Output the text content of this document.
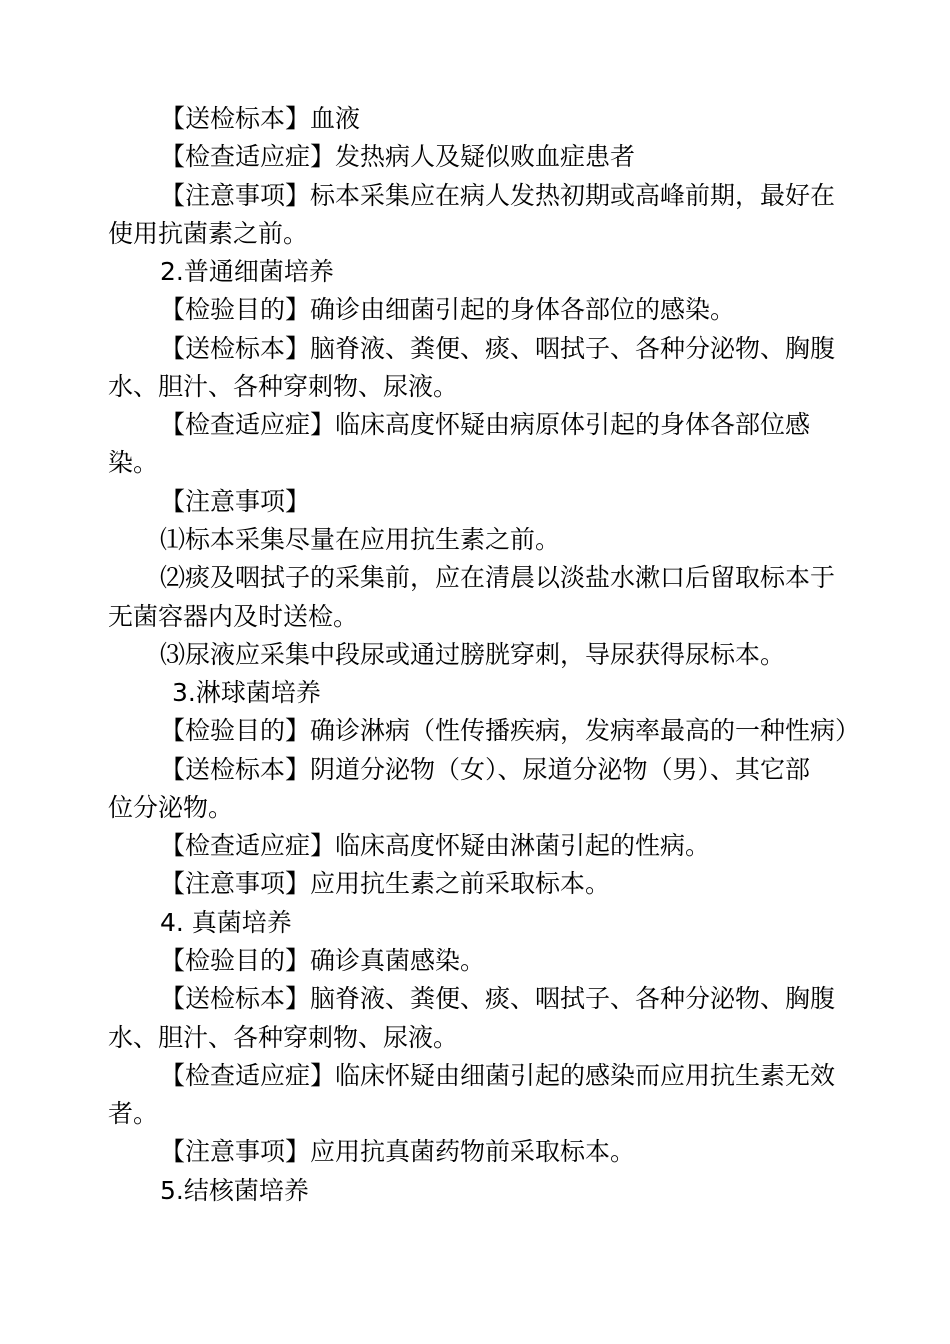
【送检标本】血液
【检查适应症】发热病人及疑似败血症患者
【注意事项】标本采集应在病人发热初期或高峰前期，最好在
使用抗菌素之前。
2.普通细菌培养
【检验目的】确诊由细菌引起的身体各部位的感染。
【送检标本】脑脊液、粪便、痰、咽拭子、各种分泌物、胸腹
水、胆汁、各种穿刺物、尿液。
【检查适应症】临床高度怀疑由病原体引起的身体各部位感
染。
【注意事项】
⑴标本采集尽量在应用抗生素之前。
⑵痰及咽拭子的采集前，应在清晨以淡盐水漱口后留取标本于
无菌容器内及时送检。
⑶尿液应采集中段尿或通过膀胱穿刺，导尿获得尿标本。
3.淋球菌培养
【检验目的】确诊淋病（性传播疾病，发病率最高的一种性病）
【送检标本】阴道分泌物（女）、尿道分泌物（男）、其它部
位分泌物。
【检查适应症】临床高度怀疑由淋菌引起的性病。
【注意事项】应用抗生素之前采取标本。
4. 真菌培养
【检验目的】确诊真菌感染。
【送检标本】脑脊液、粪便、痰、咽拭子、各种分泌物、胸腹
水、胆汁、各种穿刺物、尿液。
【检查适应症】临床怀疑由细菌引起的感染而应用抗生素无效
者。
【注意事项】应用抗真菌药物前采取标本。
5.结核菌培养
